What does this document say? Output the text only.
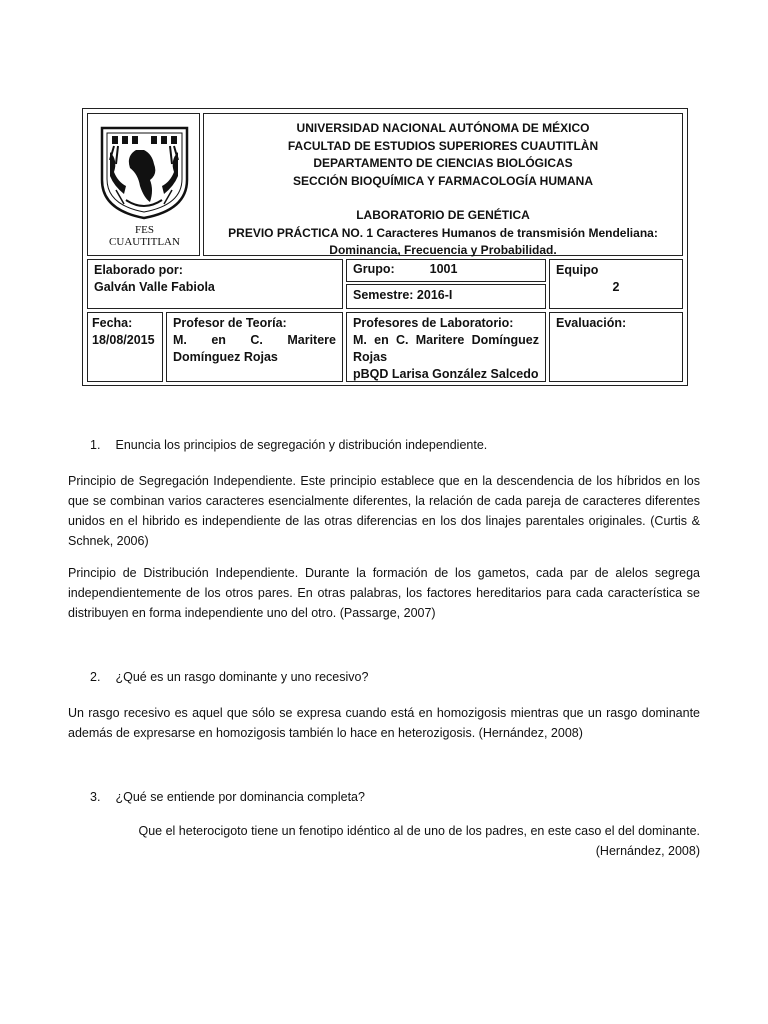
FES
CUAUTITLAN
UNIVERSIDAD NACIONAL AUTÓNOMA DE MÉXICO
FACULTAD DE ESTUDIOS SUPERIORES CUAUTITLÀN
DEPARTAMENTO DE CIENCIAS BIOLÓGICAS
SECCIÓN BIOQUÍMICA Y FARMACOLOGÍA HUMANA
LABORATORIO DE GENÉTICA
PREVIO PRÁCTICA NO. 1 Caracteres Humanos de transmisión Mendeliana:
Dominancia, Frecuencia y Probabilidad.
Elaborado por:
Galván Valle Fabiola
Grupo:	1001
Semestre: 2016-I
Equipo
2
Fecha:
18/08/2015
Profesor de Teoría:
M. en C. Maritere
Domínguez Rojas
Profesores de Laboratorio:
M. en C. Maritere Domínguez
Rojas
pBQD Larisa González Salcedo
Evaluación:
1. Enuncia los principios de segregación y distribución independiente.
Principio de Segregación Independiente. Este principio establece que en la descendencia de los híbridos en los que se combinan varios caracteres esencialmente diferentes, la relación de cada pareja de caracteres diferentes unidos en el hibrido es independiente de las otras diferencias en los dos linajes parentales originales. (Curtis & Schnek, 2006)
Principio de Distribución Independiente. Durante la formación de los gametos, cada par de alelos segrega independientemente de los otros pares. En otras palabras, los factores hereditarios para cada característica se distribuyen en forma independiente uno del otro. (Passarge, 2007)
2. ¿Qué es un rasgo dominante y uno recesivo?
Un rasgo recesivo es aquel que sólo se expresa cuando está en homozigosis mientras que un rasgo dominante además de expresarse en homozigosis también lo hace en heterozigosis. (Hernández, 2008)
3. ¿Qué se entiende por dominancia completa?
Que el heterocigoto tiene un fenotipo idéntico al de uno de los padres, en este caso el del dominante.
(Hernández, 2008)
